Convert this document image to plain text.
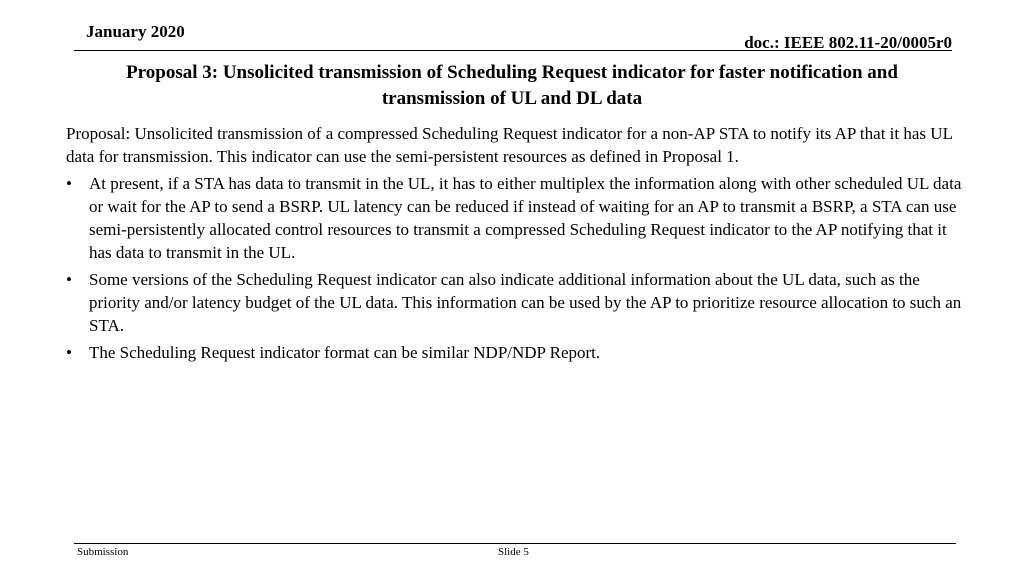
January 2020
doc.: IEEE 802.11-20/0005r0
Proposal 3: Unsolicited transmission of Scheduling Request indicator for faster notification and
transmission of UL and DL data

Proposal: Unsolicited transmission of a compressed Scheduling Request indicator for a non-AP STA to notify its AP that it has UL data for transmission. This indicator can use the semi-persistent resources as defined in Proposal 1.

• At present, if a STA has data to transmit in the UL, it has to either multiplex the information along with other scheduled UL data or wait for the AP to send a BSRP. UL latency can be reduced if instead of waiting for an AP to transmit a BSRP, a STA can use semi-persistently allocated control resources to transmit a compressed Scheduling Request indicator to the AP notifying that it has data to transmit in the UL.
• Some versions of the Scheduling Request indicator can also indicate additional information about the UL data, such as the priority and/or latency budget of the UL data. This information can be used by the AP to prioritize resource allocation to such an STA.
• The Scheduling Request indicator format can be similar NDP/NDP Report.
Submission	Slide 5
